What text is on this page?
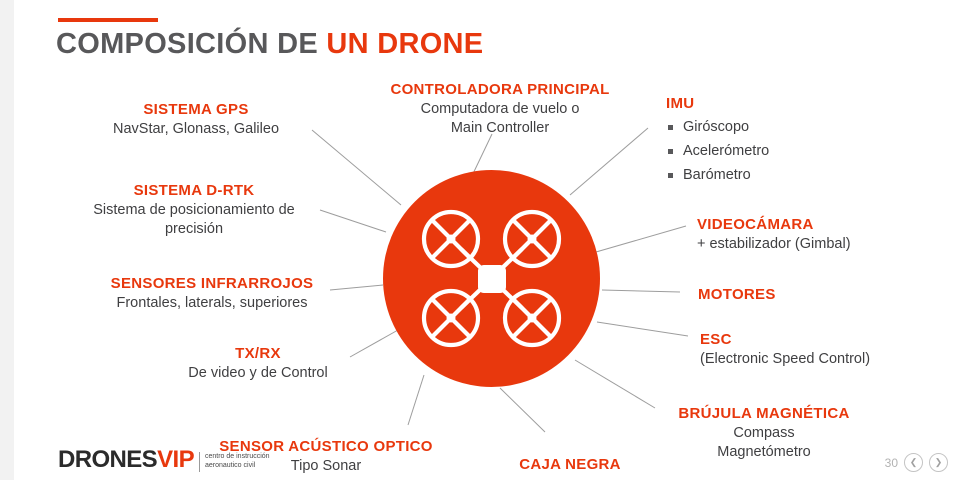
COMPOSICIÓN DE UN DRONE
CONTROLADORA PRINCIPAL
Computadora de vuelo o
Main Controller
SISTEMA GPS
NavStar, Glonass, Galileo
SISTEMA D-RTK
Sistema de posicionamiento de
precisión
SENSORES INFRARROJOS
Frontales, laterals, superiores
TX/RX
De video y de Control
SENSOR ACÚSTICO OPTICO
Tipo Sonar	CAJA NEGRA
BRÚJULA MAGNÉTICA
Compass
Magnetómetro
ESC
(Electronic Speed Control)
MOTORES
VIDEOCÁMARA
+ estabilizador (Gimbal)
IMU
Giróscopo
Acelerómetro
Barómetro
DRONESVIP centro de instrucción
aeronautico civil	30	❮	❯
